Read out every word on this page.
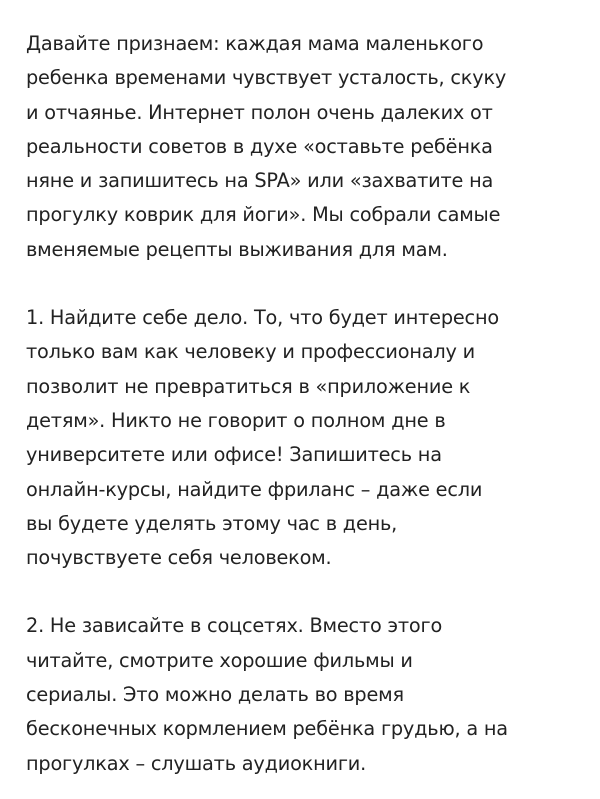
Давайте признаем: каждая мама маленького
ребенка временами чувствует усталость, скуку
и отчаянье. Интернет полон очень далеких от
реальности советов в духе «оставьте ребёнка
няне и запишитесь на SPA» или «захватите на
прогулку коврик для йоги». Мы собрали самые
вменяемые рецепты выживания для мам.

1. Найдите себе дело. То, что будет интересно
только вам как человеку и профессионалу и
позволит не превратиться в «приложение к
детям». Никто не говорит о полном дне в
университете или офисе! Запишитесь на
онлайн-курсы, найдите фриланс – даже если
вы будете уделять этому час в день,
почувствуете себя человеком.

2. Не зависайте в соцсетях. Вместо этого
читайте, смотрите хорошие фильмы и
сериалы. Это можно делать во время
бесконечных кормлением ребёнка грудью, а на
прогулках – слушать аудиокниги.
